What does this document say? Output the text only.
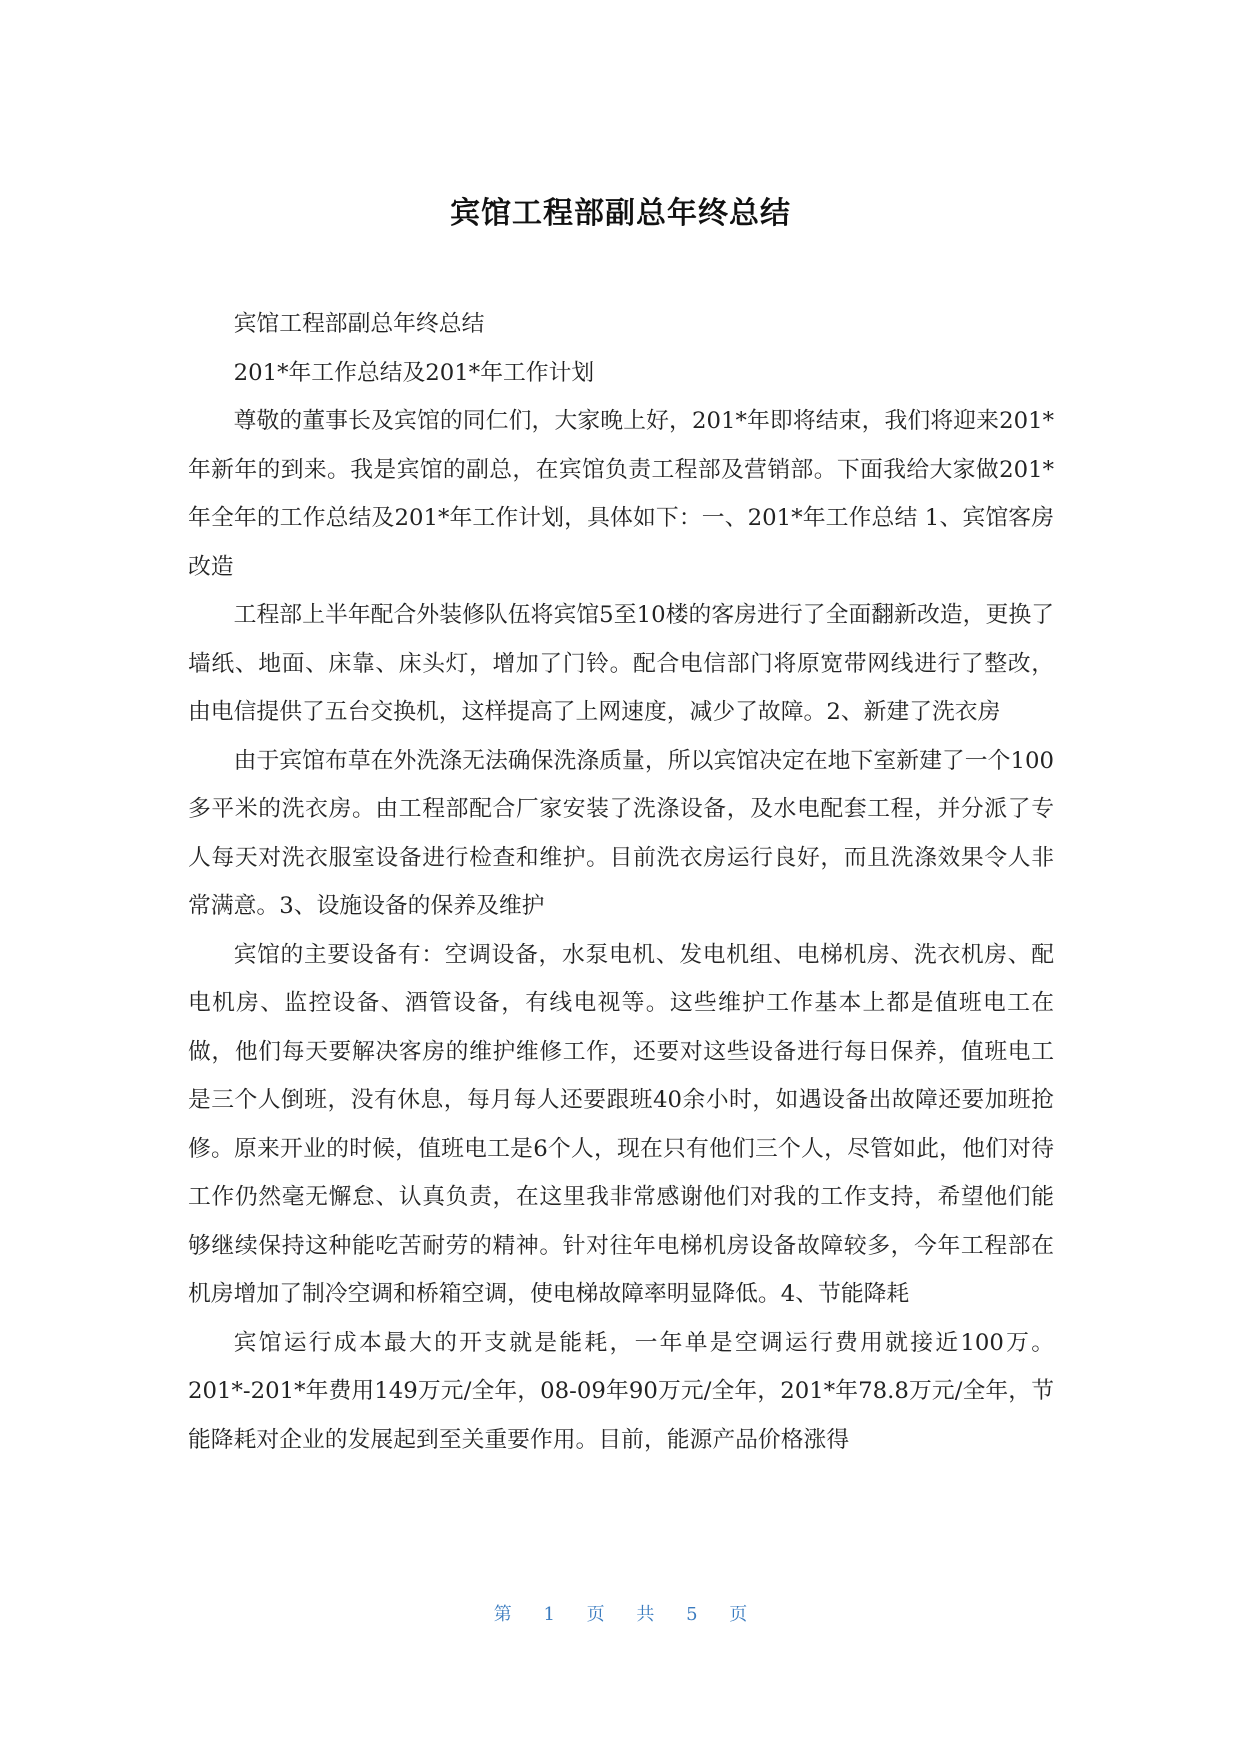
宾馆工程部副总年终总结

宾馆工程部副总年终总结

201*年工作总结及201*年工作计划

尊敬的董事长及宾馆的同仁们，大家晚上好，201*年即将结束，我们将迎来201*年新年的到来。我是宾馆的副总，在宾馆负责工程部及营销部。下面我给大家做201*年全年的工作总结及201*年工作计划，具体如下：一、201*年工作总结 1、宾馆客房改造

工程部上半年配合外装修队伍将宾馆5至10楼的客房进行了全面翻新改造，更换了墙纸、地面、床靠、床头灯，增加了门铃。配合电信部门将原宽带网线进行了整改，由电信提供了五台交换机，这样提高了上网速度，减少了故障。2、新建了洗衣房

由于宾馆布草在外洗涤无法确保洗涤质量，所以宾馆决定在地下室新建了一个100多平米的洗衣房。由工程部配合厂家安装了洗涤设备，及水电配套工程，并分派了专人每天对洗衣服室设备进行检查和维护。目前洗衣房运行良好，而且洗涤效果令人非常满意。3、设施设备的保养及维护

宾馆的主要设备有：空调设备，水泵电机、发电机组、电梯机房、洗衣机房、配电机房、监控设备、酒管设备，有线电视等。这些维护工作基本上都是值班电工在做，他们每天要解决客房的维护维修工作，还要对这些设备进行每日保养，值班电工是三个人倒班，没有休息，每月每人还要跟班40余小时，如遇设备出故障还要加班抢修。原来开业的时候，值班电工是6个人，现在只有他们三个人，尽管如此，他们对待工作仍然毫无懈怠、认真负责，在这里我非常感谢他们对我的工作支持，希望他们能够继续保持这种能吃苦耐劳的精神。针对往年电梯机房设备故障较多，今年工程部在机房增加了制冷空调和桥箱空调，使电梯故障率明显降低。4、节能降耗

宾馆运行成本最大的开支就是能耗，一年单是空调运行费用就接近100万。201*-201*年费用149万元/全年，08-09年90万元/全年，201*年78.8万元/全年，节能降耗对企业的发展起到至关重要作用。目前，能源产品价格涨得

第 1 页 共 5 页
